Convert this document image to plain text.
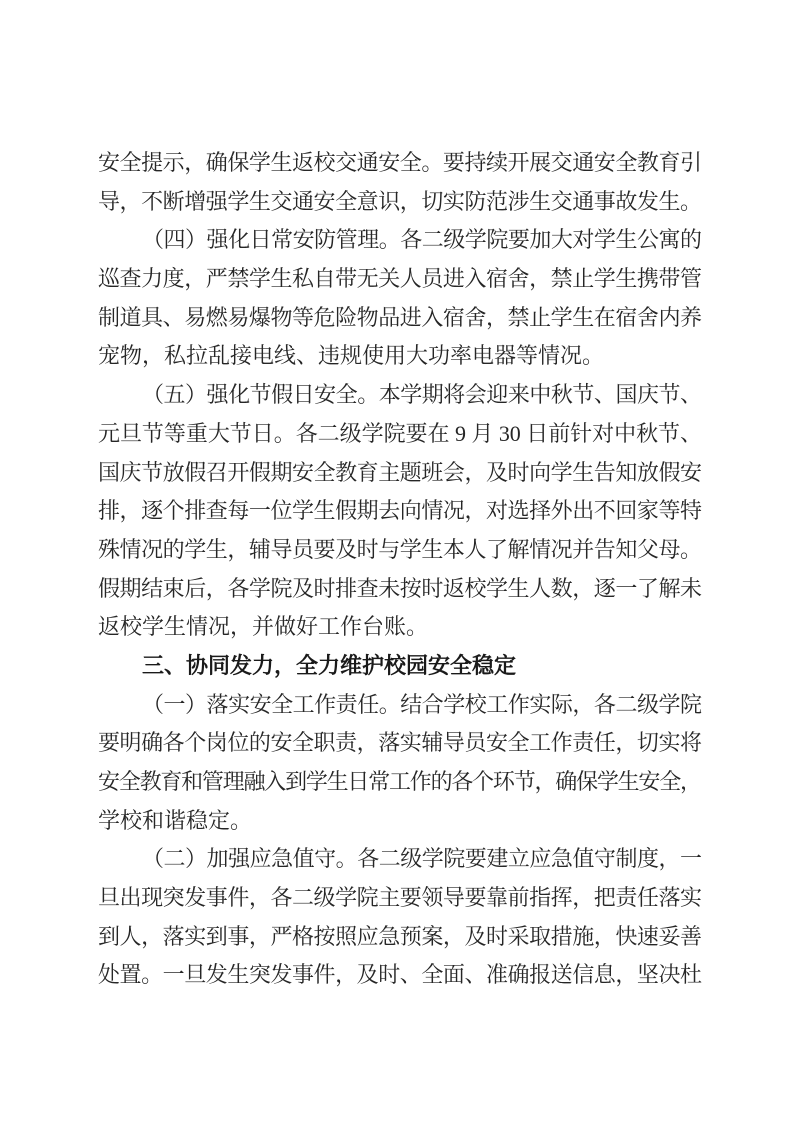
安全提示，确保学生返校交通安全。要持续开展交通安全教育引
导，不断增强学生交通安全意识，切实防范涉生交通事故发生。
（四）强化日常安防管理。各二级学院要加大对学生公寓的
巡查力度，严禁学生私自带无关人员进入宿舍，禁止学生携带管
制道具、易燃易爆物等危险物品进入宿舍，禁止学生在宿舍内养
宠物，私拉乱接电线、违规使用大功率电器等情况。
（五）强化节假日安全。本学期将会迎来中秋节、国庆节、
元旦节等重大节日。各二级学院要在 9 月 30 日前针对中秋节、
国庆节放假召开假期安全教育主题班会，及时向学生告知放假安
排，逐个排查每一位学生假期去向情况，对选择外出不回家等特
殊情况的学生，辅导员要及时与学生本人了解情况并告知父母。
假期结束后，各学院及时排查未按时返校学生人数，逐一了解未
返校学生情况，并做好工作台账。
三、协同发力，全力维护校园安全稳定
（一）落实安全工作责任。结合学校工作实际，各二级学院
要明确各个岗位的安全职责，落实辅导员安全工作责任，切实将
安全教育和管理融入到学生日常工作的各个环节，确保学生安全，
学校和谐稳定。
（二）加强应急值守。各二级学院要建立应急值守制度，一
旦出现突发事件，各二级学院主要领导要靠前指挥，把责任落实
到人，落实到事，严格按照应急预案，及时采取措施，快速妥善
处置。一旦发生突发事件，及时、全面、准确报送信息，坚决杜
